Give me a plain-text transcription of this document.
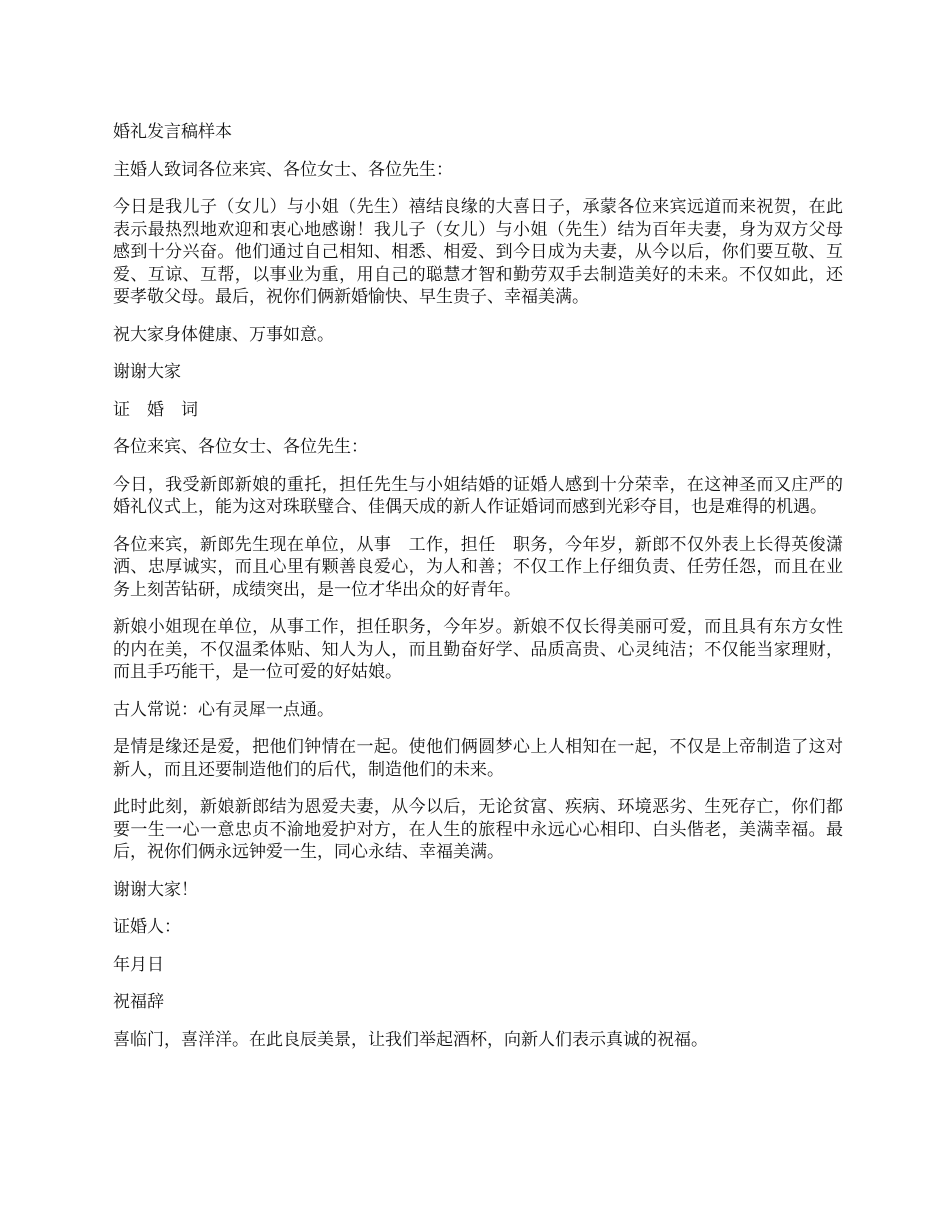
婚礼发言稿样本

主婚人致词各位来宾、各位女士、各位先生：

今日是我儿子（女儿）与小姐（先生）禧结良缘的大喜日子，承蒙各位来宾远道而来祝贺，在此表示最热烈地欢迎和衷心地感谢！我儿子（女儿）与小姐（先生）结为百年夫妻，身为双方父母感到十分兴奋。他们通过自己相知、相悉、相爱、到今日成为夫妻，从今以后，你们要互敬、互爱、互谅、互帮，以事业为重，用自己的聪慧才智和勤劳双手去制造美好的未来。不仅如此，还要孝敬父母。最后，祝你们俩新婚愉快、早生贵子、幸福美满。

祝大家身体健康、万事如意。

谢谢大家

证　婚　词

各位来宾、各位女士、各位先生：

今日，我受新郎新娘的重托，担任先生与小姐结婚的证婚人感到十分荣幸，在这神圣而又庄严的婚礼仪式上，能为这对珠联璧合、佳偶天成的新人作证婚词而感到光彩夺目，也是难得的机遇。

各位来宾，新郎先生现在单位，从事　工作，担任　职务，今年岁，新郎不仅外表上长得英俊潇洒、忠厚诚实，而且心里有颗善良爱心，为人和善；不仅工作上仔细负责、任劳任怨，而且在业务上刻苦钻研，成绩突出，是一位才华出众的好青年。

新娘小姐现在单位，从事工作，担任职务，今年岁。新娘不仅长得美丽可爱，而且具有东方女性的内在美，不仅温柔体贴、知人为人，而且勤奋好学、品质高贵、心灵纯洁；不仅能当家理财，而且手巧能干，是一位可爱的好姑娘。

古人常说：心有灵犀一点通。

是情是缘还是爱，把他们钟情在一起。使他们俩圆梦心上人相知在一起，不仅是上帝制造了这对新人，而且还要制造他们的后代，制造他们的未来。

此时此刻，新娘新郎结为恩爱夫妻，从今以后，无论贫富、疾病、环境恶劣、生死存亡，你们都要一生一心一意忠贞不渝地爱护对方，在人生的旅程中永远心心相印、白头偕老，美满幸福。最后，祝你们俩永远钟爱一生，同心永结、幸福美满。

谢谢大家！

证婚人：

年月日

祝福辞

喜临门，喜洋洋。在此良辰美景，让我们举起酒杯，向新人们表示真诚的祝福。
